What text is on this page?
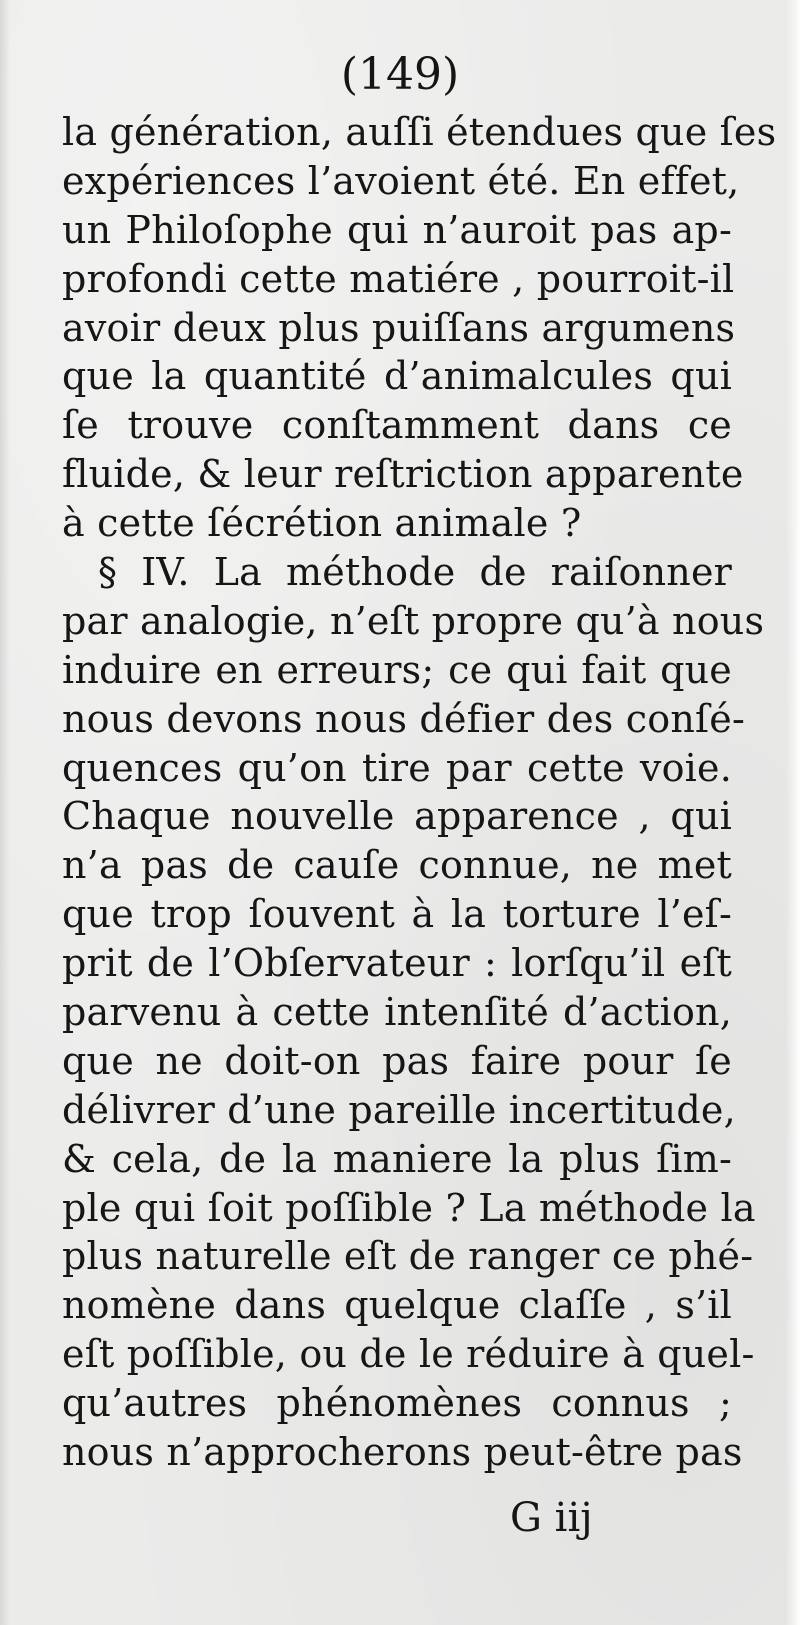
(149)
la génération, auſſi étendues que ſes
expériences l’avoient été. En effet,
un Philoſophe qui n’auroit pas ap-
profondi cette matiére , pourroit-il
avoir deux plus puiſſans argumens
que la quantité d’animalcules qui
ſe trouve conſtamment dans ce
fluide, & leur reſtriction apparente
à cette ſécrétion animale ?
§ IV. La méthode de raiſonner
par analogie, n’eſt propre qu’à nous
induire en erreurs; ce qui fait que
nous devons nous défier des conſé-
quences qu’on tire par cette voie.
Chaque nouvelle apparence , qui
n’a pas de cauſe connue, ne met
que trop ſouvent à la torture l’eſ-
prit de l’Obſervateur : lorſqu’il eſt
parvenu à cette intenſité d’action,
que ne doit-on pas faire pour ſe
délivrer d’une pareille incertitude,
& cela, de la maniere la plus ſim-
ple qui ſoit poſſible ? La méthode la
plus naturelle eſt de ranger ce phé-
nomène dans quelque claſſe , s’il
eſt poſſible, ou de le réduire à quel-
qu’autres phénomènes connus ;
nous n’approcherons peut-être pas
G iij
